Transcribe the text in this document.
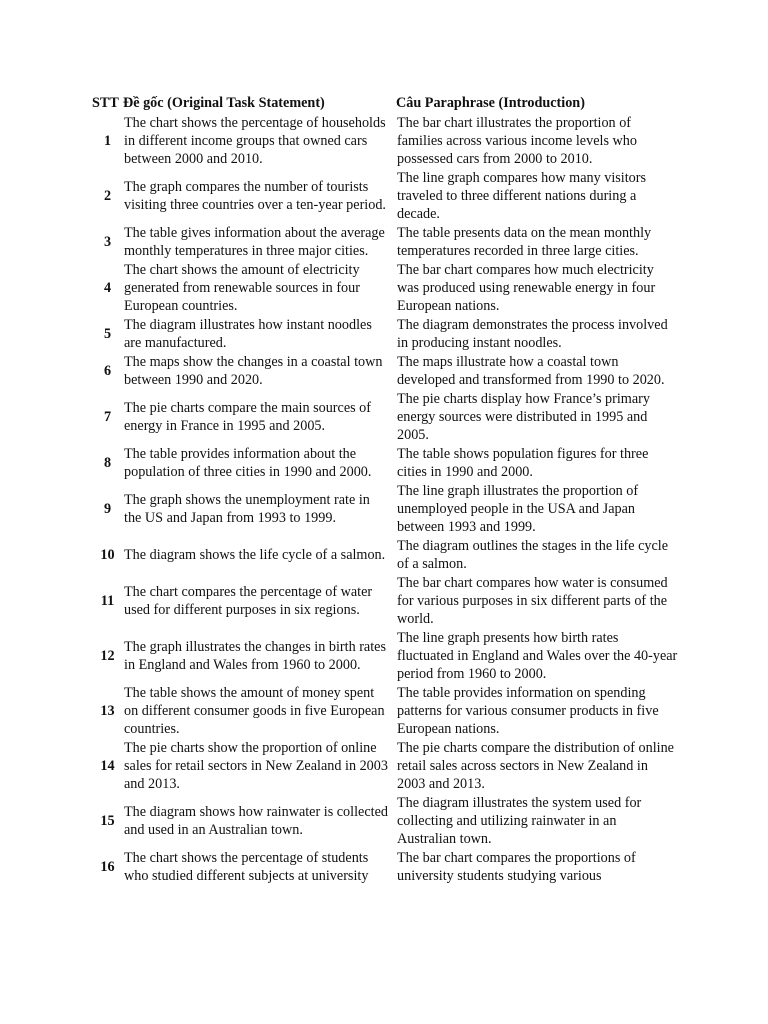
STT	Đề gốc (Original Task Statement)	Câu Paraphrase (Introduction)
1	The chart shows the percentage of households in different income groups that owned cars between 2000 and 2010.	The bar chart illustrates the proportion of families across various income levels who possessed cars from 2000 to 2010.
2	The graph compares the number of tourists visiting three countries over a ten-year period.	The line graph compares how many visitors traveled to three different nations during a decade.
3	The table gives information about the average monthly temperatures in three major cities.	The table presents data on the mean monthly temperatures recorded in three large cities.
4	The chart shows the amount of electricity generated from renewable sources in four European countries.	The bar chart compares how much electricity was produced using renewable energy in four European nations.
5	The diagram illustrates how instant noodles are manufactured.	The diagram demonstrates the process involved in producing instant noodles.
6	The maps show the changes in a coastal town between 1990 and 2020.	The maps illustrate how a coastal town developed and transformed from 1990 to 2020.
7	The pie charts compare the main sources of energy in France in 1995 and 2005.	The pie charts display how France’s primary energy sources were distributed in 1995 and 2005.
8	The table provides information about the population of three cities in 1990 and 2000.	The table shows population figures for three cities in 1990 and 2000.
9	The graph shows the unemployment rate in the US and Japan from 1993 to 1999.	The line graph illustrates the proportion of unemployed people in the USA and Japan between 1993 and 1999.
10	The diagram shows the life cycle of a salmon.	The diagram outlines the stages in the life cycle of a salmon.
11	The chart compares the percentage of water used for different purposes in six regions.	The bar chart compares how water is consumed for various purposes in six different parts of the world.
12	The graph illustrates the changes in birth rates in England and Wales from 1960 to 2000.	The line graph presents how birth rates fluctuated in England and Wales over the 40-year period from 1960 to 2000.
13	The table shows the amount of money spent on different consumer goods in five European countries.	The table provides information on spending patterns for various consumer products in five European nations.
14	The pie charts show the proportion of online sales for retail sectors in New Zealand in 2003 and 2013.	The pie charts compare the distribution of online retail sales across sectors in New Zealand in 2003 and 2013.
15	The diagram shows how rainwater is collected and used in an Australian town.	The diagram illustrates the system used for collecting and utilizing rainwater in an Australian town.
16	The chart shows the percentage of students who studied different subjects at university	The bar chart compares the proportions of university students studying various
